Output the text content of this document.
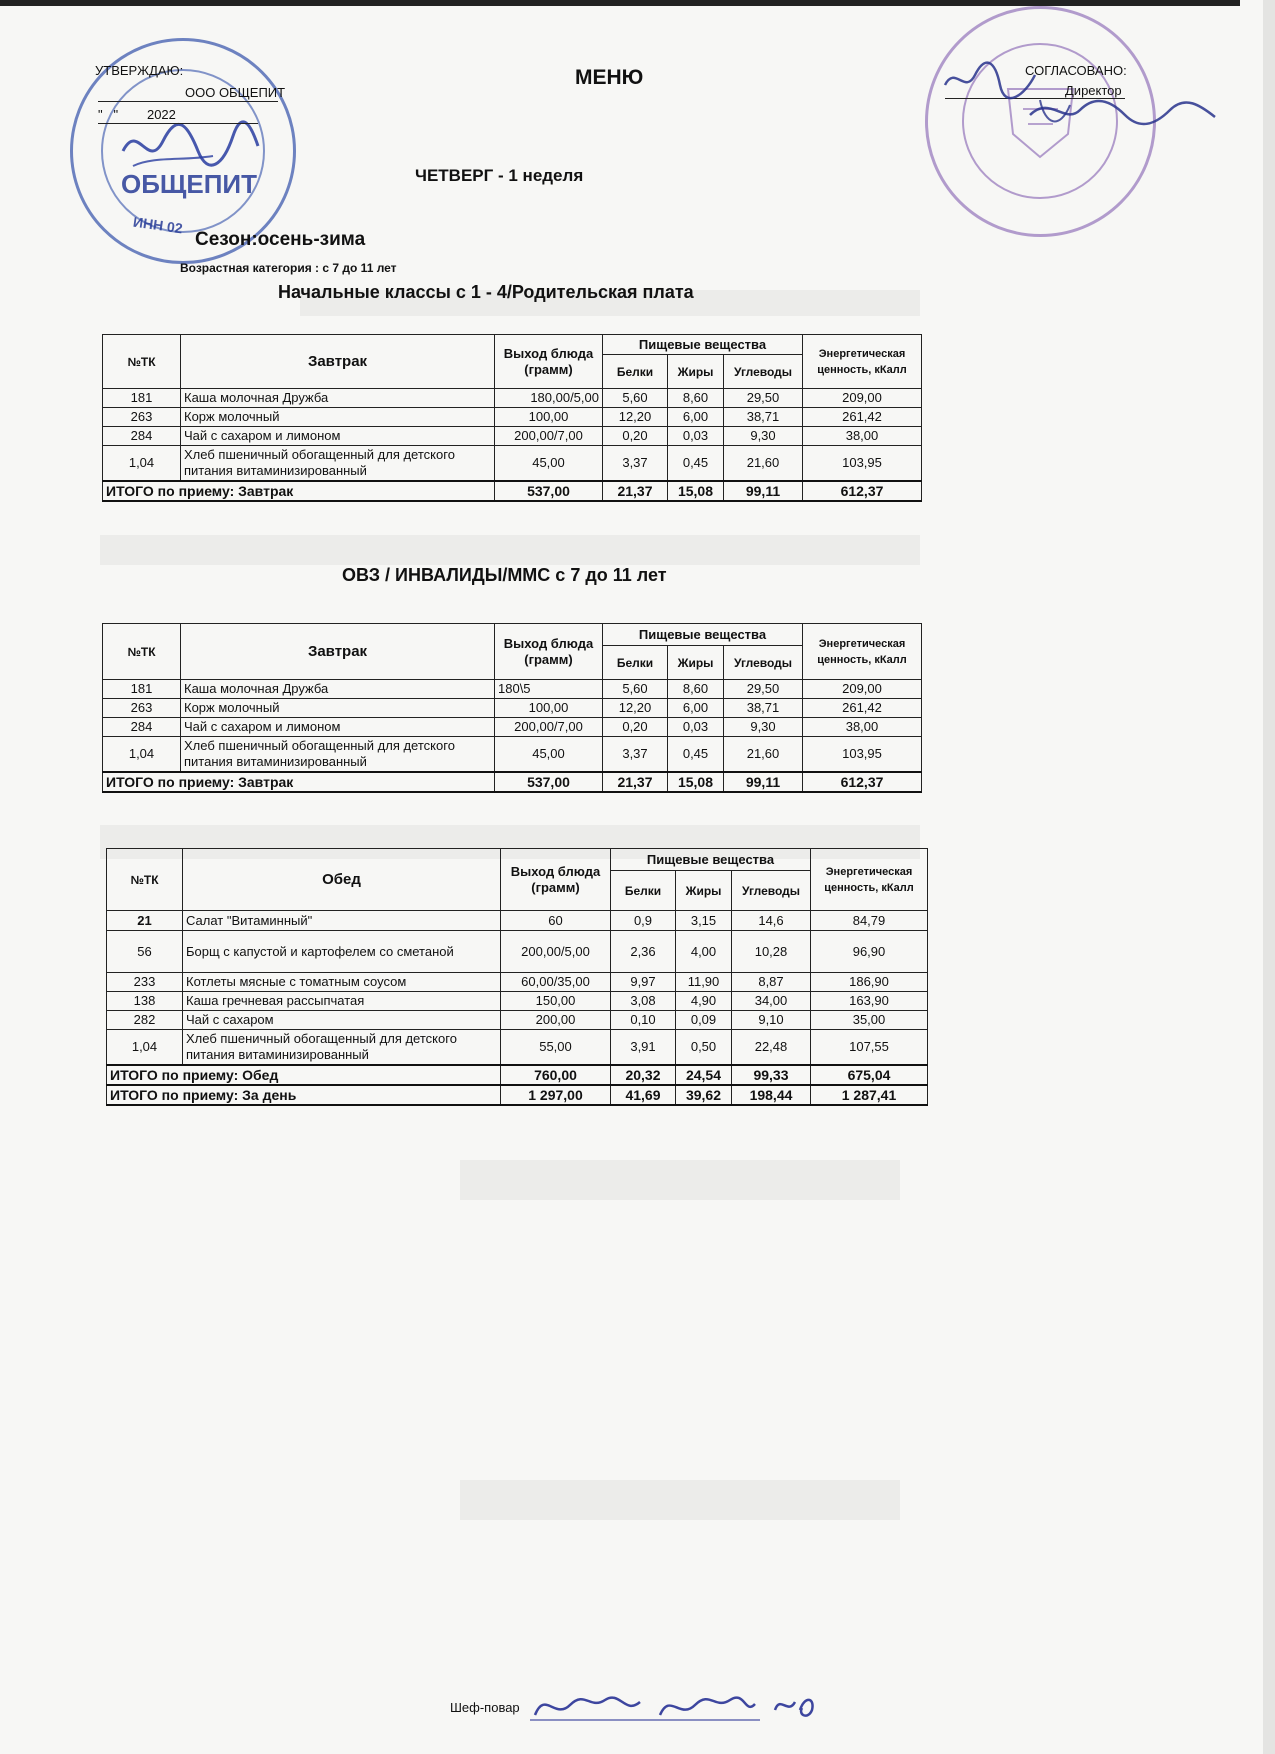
ОБЩЕПИТ
ИНН 02
УТВЕРЖДАЮ:
ООО ОБЩЕПИТ
"   "        2022
СОГЛАСОВАНО:
Директор
МЕНЮ
ЧЕТВЕРГ - 1 неделя
Сезон:осень-зима
Возрастная категория : с 7 до 11 лет
Начальные классы с 1 - 4/Родительская плата
ОВЗ / ИНВАЛИДЫ/ММС с 7 до 11 лет
№ТК	Завтрак	Выход блюда (грамм)	Пищевые вещества			Энергетическая ценность, кКалл
			Белки	Жиры	Углеводы	
181	Каша молочная Дружба	180,00/5,00	5,60	8,60	29,50	209,00
263	Корж молочный	100,00	12,20	6,00	38,71	261,42
284	Чай с сахаром и лимоном	200,00/7,00	0,20	0,03	9,30	38,00
1,04	Хлеб пшеничный обогащенный для детского питания витаминизированный	45,00	3,37	0,45	21,60	103,95
ИТОГО по приему: Завтрак		537,00	21,37	15,08	99,11	612,37
№ТК	Завтрак	Выход блюда (грамм)	Пищевые вещества			Энергетическая ценность, кКалл
			Белки	Жиры	Углеводы	
181	Каша молочная Дружба	180\5	5,60	8,60	29,50	209,00
263	Корж молочный	100,00	12,20	6,00	38,71	261,42
284	Чай с сахаром и лимоном	200,00/7,00	0,20	0,03	9,30	38,00
1,04	Хлеб пшеничный обогащенный для детского питания витаминизированный	45,00	3,37	0,45	21,60	103,95
ИТОГО по приему: Завтрак		537,00	21,37	15,08	99,11	612,37
№ТК	Обед	Выход блюда (грамм)	Пищевые вещества			Энергетическая ценность, кКалл
			Белки	Жиры	Углеводы	
21	Салат "Витаминный"	60	0,9	3,15	14,6	84,79
56	Борщ с капустой и картофелем со сметаной	200,00/5,00	2,36	4,00	10,28	96,90
233	Котлеты мясные с томатным соусом	60,00/35,00	9,97	11,90	8,87	186,90
138	Каша гречневая рассыпчатая	150,00	3,08	4,90	34,00	163,90
282	Чай с сахаром	200,00	0,10	0,09	9,10	35,00
1,04	Хлеб пшеничный обогащенный для детского питания витаминизированный	55,00	3,91	0,50	22,48	107,55
ИТОГО по приему: Обед		760,00	20,32	24,54	99,33	675,04
ИТОГО по приему: За день		1 297,00	41,69	39,62	198,44	1 287,41
Шеф-повар
